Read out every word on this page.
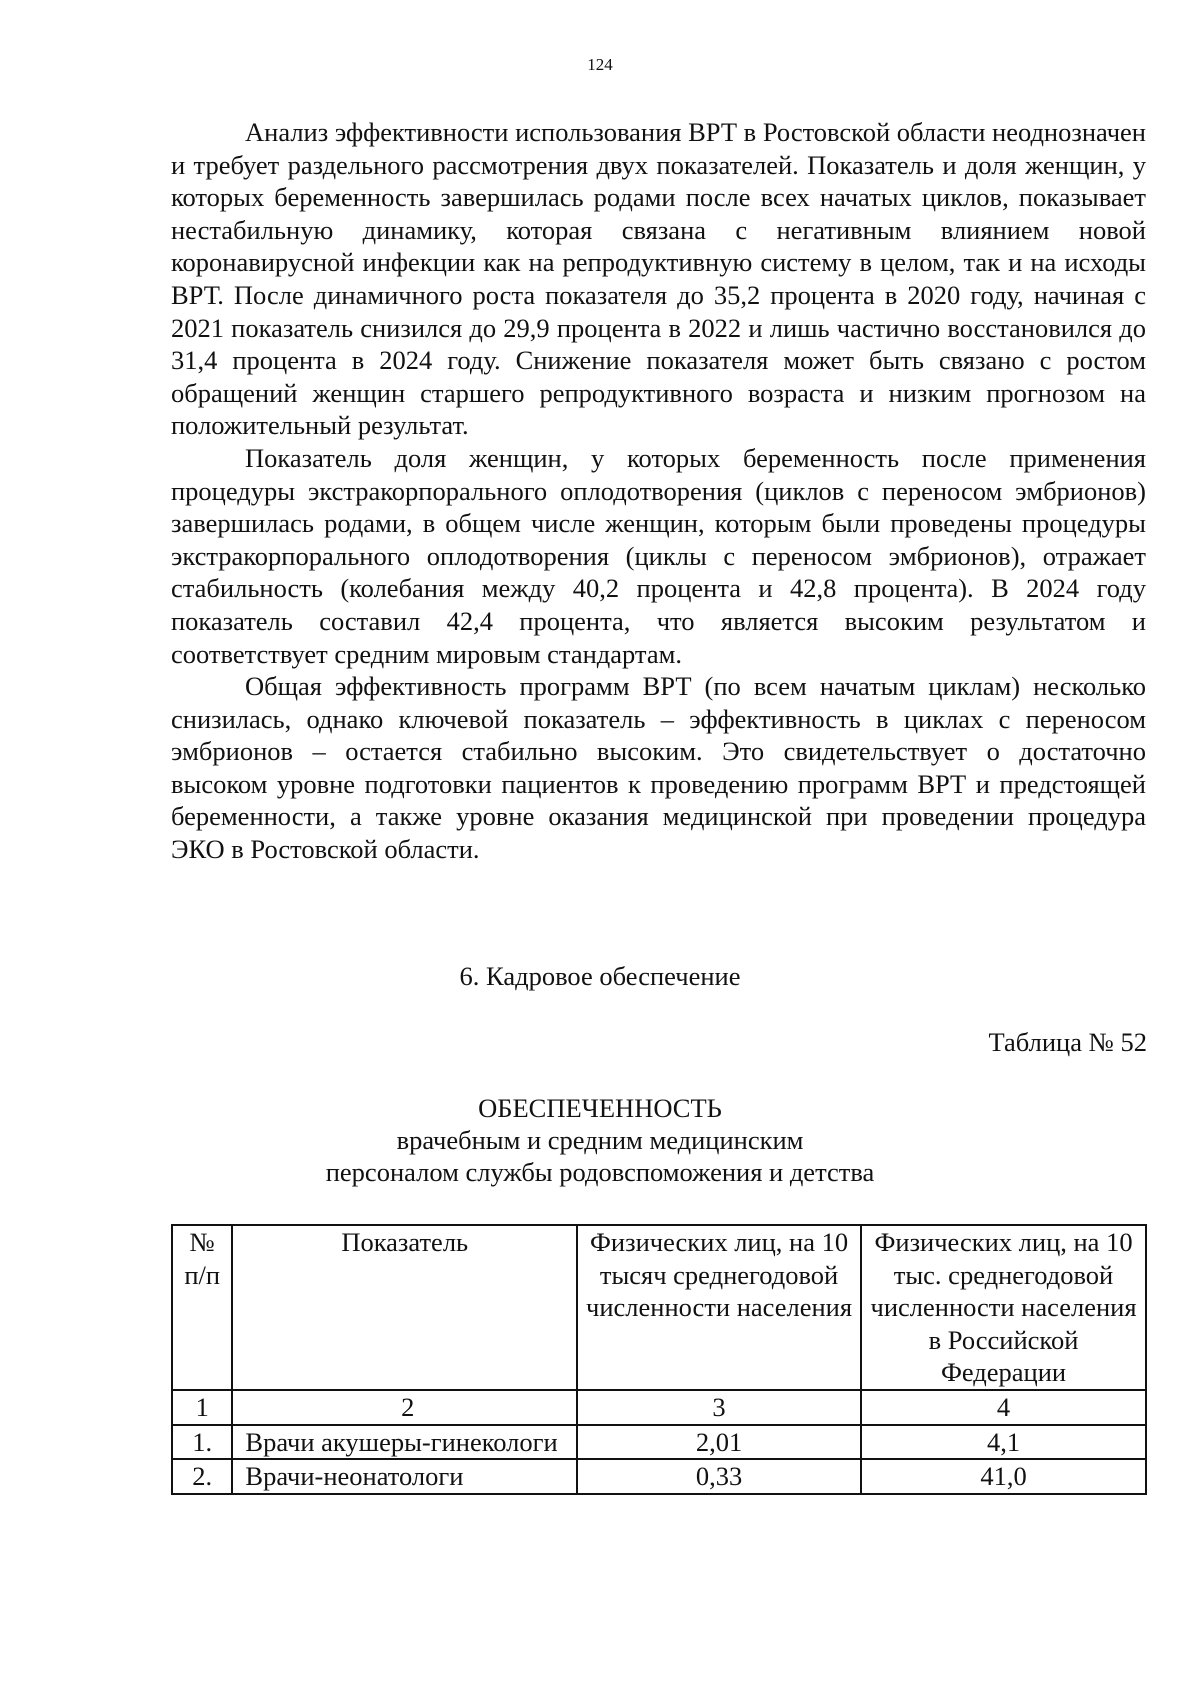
124

Анализ эффективности использования ВРТ в Ростовской области неоднозначен и требует раздельного рассмотрения двух показателей. Показатель и доля женщин, у которых беременность завершилась родами после всех начатых циклов, показывает нестабильную динамику, которая связана с негативным влиянием новой коронавирусной инфекции как на репродуктивную систему в целом, так и на исходы ВРТ. После динамичного роста показателя до 35,2 процента в 2020 году, начиная с 2021 показатель снизился до 29,9 процента в 2022 и лишь частично восстановился до 31,4 процента в 2024 году. Снижение показателя может быть связано с ростом обращений женщин старшего репродуктивного возраста и низким прогнозом на положительный результат.

Показатель доля женщин, у которых беременность после применения процедуры экстракорпорального оплодотворения (циклов с переносом эмбрионов) завершилась родами, в общем числе женщин, которым были проведены процедуры экстракорпорального оплодотворения (циклы с переносом эмбрионов), отражает стабильность (колебания между 40,2 процента и 42,8 процента). В 2024 году показатель составил 42,4 процента, что является высоким результатом и соответствует средним мировым стандартам.

Общая эффективность программ ВРТ (по всем начатым циклам) несколько снизилась, однако ключевой показатель – эффективность в циклах с переносом эмбрионов – остается стабильно высоким. Это свидетельствует о достаточно высоком уровне подготовки пациентов к проведению программ ВРТ и предстоящей беременности, а также уровне оказания медицинской при проведении процедура ЭКО в Ростовской области.

6. Кадровое обеспечение
Таблица № 52
ОБЕСПЕЧЕННОСТЬ
врачебным и средним медицинским
персоналом службы родовспоможения и детства
№ п/п	Показатель	Физических лиц, на 10 тысяч среднегодовой численности населения	Физических лиц, на 10 тыс. среднегодовой численности населения в Российской Федерации
1	2	3	4
1.	Врачи акушеры-гинекологи	2,01	4,1
2.	Врачи-неонатологи	0,33	41,0
